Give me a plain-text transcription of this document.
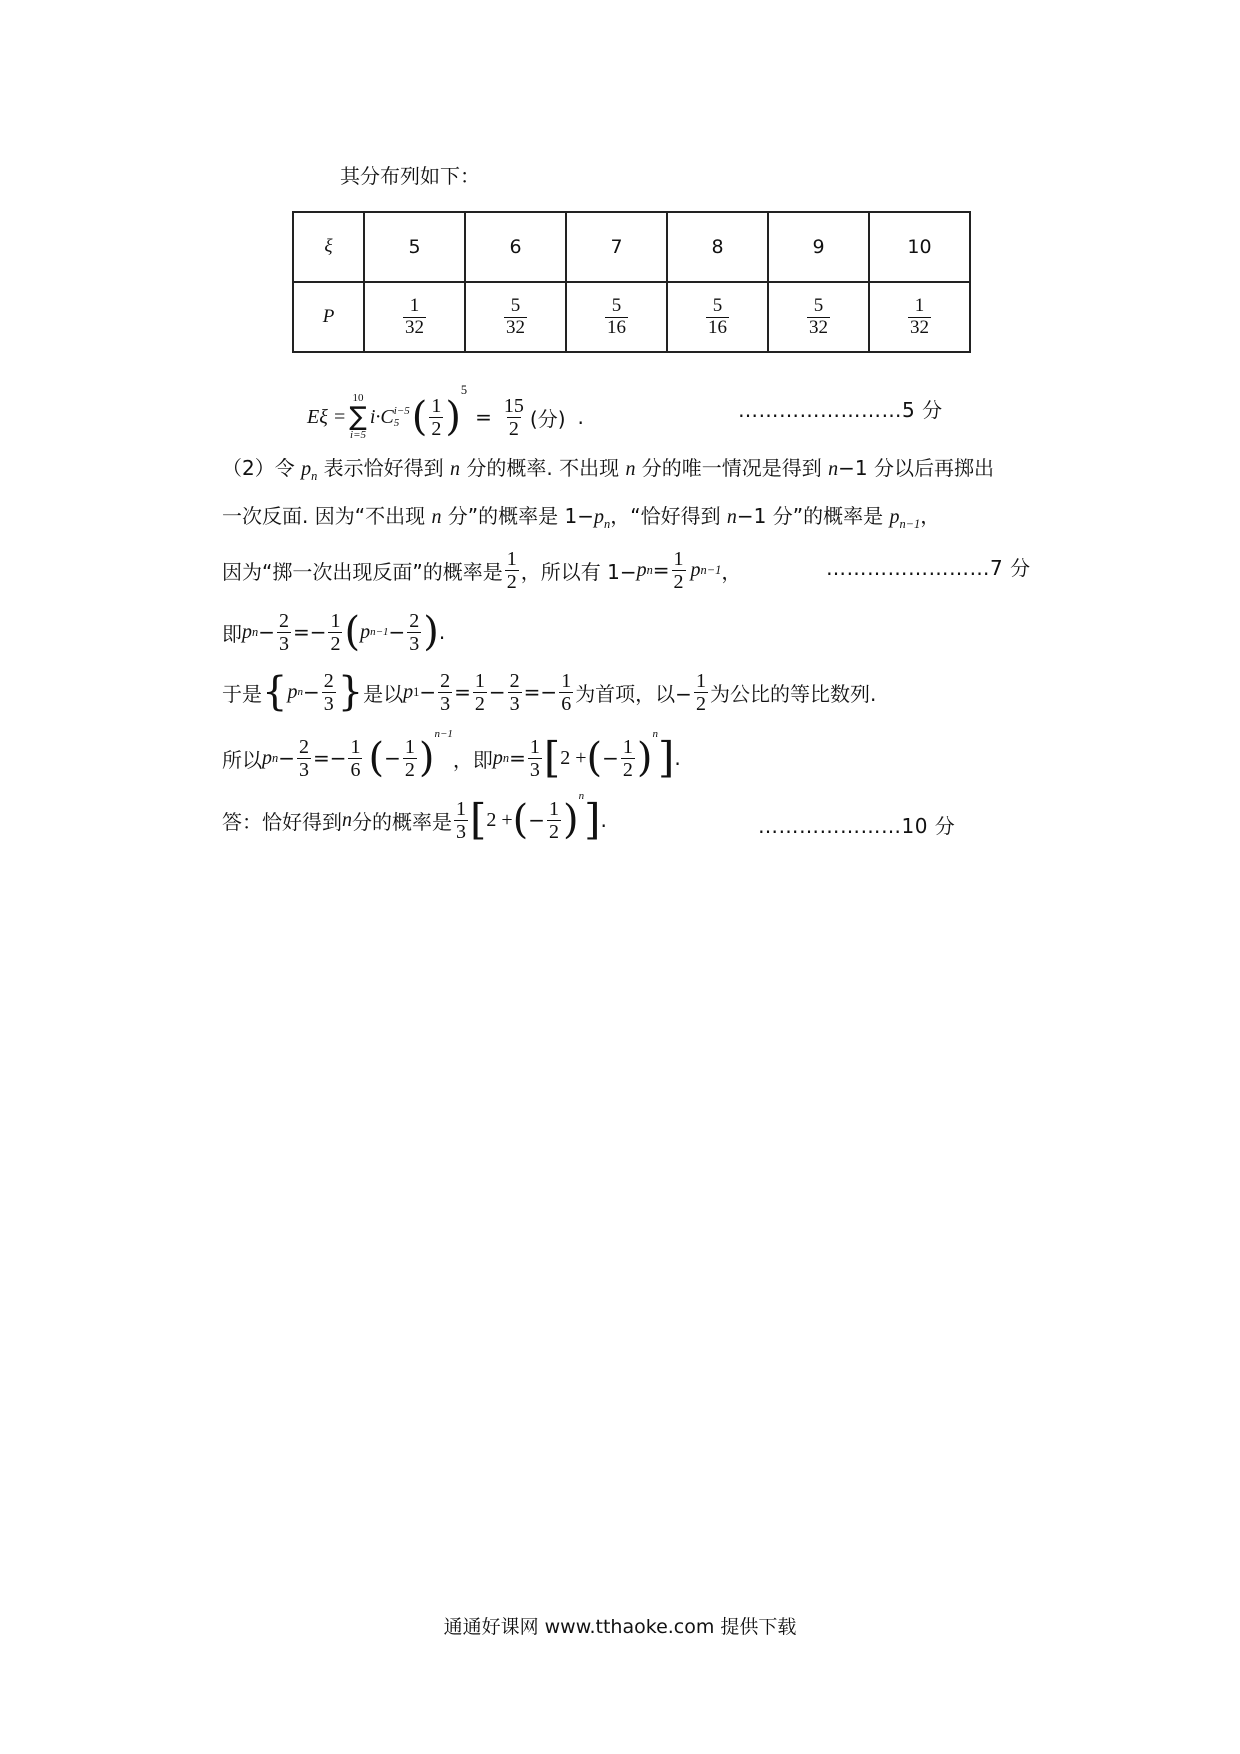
其分布列如下：
ξ	5	6	7	8	9	10
P	$\frac{1}{32}$	$\frac{5}{32}$	$\frac{5}{16}$	$\frac{5}{16}$	$\frac{5}{32}$	$\frac{1}{32}$
Eξ =
10
∑
i=5
i·C i−5
5 ( $\frac{1}{2}$ )
5
= $\frac{15}{2}$ (分) .	……………………5 分
（2）令 $p_n$ 表示恰好得到 n 分的概率. 不出现 n 分的唯一情况是得到 n−1 分以后再掷出
一次反面. 因为“不出现 n 分”的概率是 $1-p_n$，“恰好得到 n−1 分”的概率是 $p_{n-1}$，
因为“掷一次出现反面”的概率是 $\frac{1}{2}$ ，所以有 1− p $n = \frac{1}{2}$ p n−1 ，	……………………7 分
即 p $n - \frac{2}{3} =- \frac{1}{2}$ ( p $n-1 - \frac{2}{3}$ ) .
于是 { p $n - \frac{2}{3}$ } 是以 p $1 - \frac{2}{3} = \frac{1}{2} - \frac{2}{3} =- \frac{1}{6}$ 为首项，以− $\frac{1}{2}$ 为公比的等比数列.
所以 p $n - \frac{2}{3} =- \frac{1}{6}$ ( − $\frac{1}{2}$ )
n−1
，即 p $n = \frac{1}{3}$ [ 2 + ( − $\frac{1}{2}$ )
n ] .
答：恰好得到 n 分的概率是 $\frac{1}{3}$ [ 2 + ( − $\frac{1}{2}$ )
n ] .	…………………10 分
通通好课网 www.tthaoke.com 提供下载
